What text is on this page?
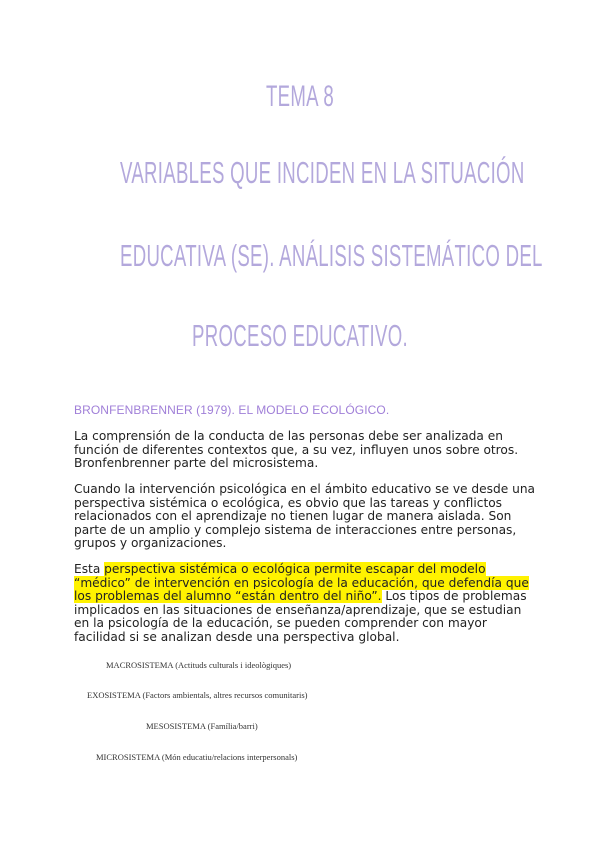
TEMA 8
VARIABLES QUE INCIDEN EN LA SITUACIÓN
EDUCATIVA (SE). ANÁLISIS SISTEMÁTICO DEL
PROCESO EDUCATIVO.
BRONFENBRENNER (1979). EL MODELO ECOLÓGICO.

La comprensión de la conducta de las personas debe ser analizada en función de diferentes contextos que, a su vez, influyen unos sobre otros. Bronfenbrenner parte del microsistema.

Cuando la intervención psicológica en el ámbito educativo se ve desde una perspectiva sistémica o ecológica, es obvio que las tareas y conflictos relacionados con el aprendizaje no tienen lugar de manera aislada. Son parte de un amplio y complejo sistema de interacciones entre personas, grupos y organizaciones.

Esta perspectiva sistémica o ecológica permite escapar del modelo “médico” de intervención en psicología de la educación, que defendía que los problemas del alumno “están dentro del niño”. Los tipos de problemas implicados en las situaciones de enseñanza/aprendizaje, que se estudian en la psicología de la educación, se pueden comprender con mayor facilidad si se analizan desde una perspectiva global.

MACROSISTEMA (Actituds culturals i ideològiques)
EXOSISTEMA (Factors ambientals, altres recursos comunitaris)
MESOSISTEMA (Família/barri)
MICROSISTEMA (Món educatiu/relacions interpersonals)
